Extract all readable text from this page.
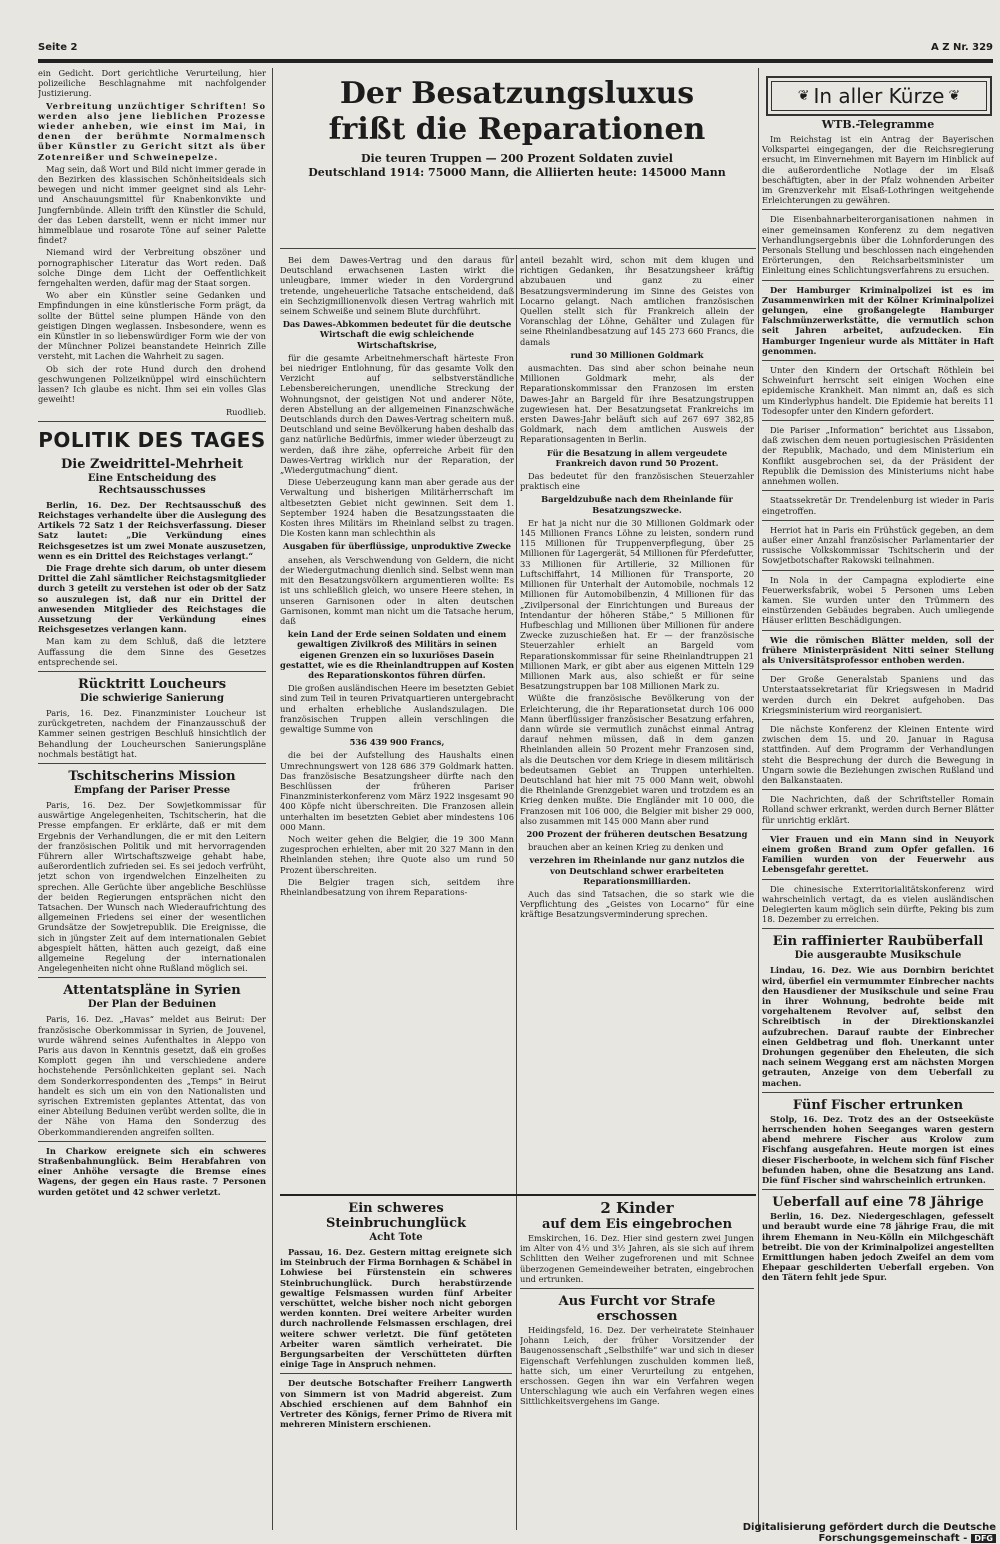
Seite 2	A Z Nr. 329

ein Gedicht. Dort gerichtliche Verurteilung, hier polizeiliche Beschlagnahme mit nachfolgender Justizierung.

Verbreitung unzüchtiger Schriften! So werden also jene lieblichen Prozesse wieder anheben, wie einst im Mai, in denen der berühmte Normalmensch über Künstler zu Gericht sitzt als über Zotenreißer und Schweinepelze.

Mag sein, daß Wort und Bild nicht immer gerade in den Bezirken des klassischen Schönheitsideals sich bewegen und nicht immer geeignet sind als Lehr- und Anschauungsmittel für Knabenkonvikte und Jungfernbünde. Allein trifft den Künstler die Schuld, der das Leben darstellt, wenn er nicht immer nur himmelblaue und rosarote Töne auf seiner Palette findet?

Niemand wird der Verbreitung obszöner und pornographischer Literatur das Wort reden. Daß solche Dinge dem Licht der Oeffentlichkeit ferngehalten werden, dafür mag der Staat sorgen.

Wo aber ein Künstler seine Gedanken und Empfindungen in eine künstlerische Form prägt, da sollte der Büttel seine plumpen Hände von den geistigen Dingen weglassen. Insbesondere, wenn es ein Künstler in so liebenswürdiger Form wie der von der Münchner Polizei beanstandete Heinrich Zille versteht, mit Lachen die Wahrheit zu sagen.

Ob sich der rote Hund durch den drohend geschwungenen Polizeiknüppel wird einschüchtern lassen? Ich glaube es nicht. Ihm sei ein volles Glas geweiht!

Ruodlieb.
POLITIK DES TAGES
Die Zweidrittel-Mehrheit
Eine Entscheidung des Rechtsausschusses

Berlin, 16. Dez. Der Rechtsausschuß des Reichstages verhandelte über die Auslegung des Artikels 72 Satz 1 der Reichsverfassung. Dieser Satz lautet: „Die Verkündung eines Reichsgesetzes ist um zwei Monate auszusetzen, wenn es ein Drittel des Reichstages verlangt.“

Die Frage drehte sich darum, ob unter diesem Drittel die Zahl sämtlicher Reichstagsmitglieder durch 3 geteilt zu verstehen ist oder ob der Satz so auszulegen ist, daß nur ein Drittel der anwesenden Mitglieder des Reichstages die Aussetzung der Verkündung eines Reichsgesetzes verlangen kann.

Man kam zu dem Schluß, daß die letztere Auffassung die dem Sinne des Gesetzes entsprechende sei.

Rücktritt Loucheurs
Die schwierige Sanierung

Paris, 16. Dez. Finanzminister Loucheur ist zurückgetreten, nachdem der Finanzausschuß der Kammer seinen gestrigen Beschluß hinsichtlich der Behandlung der Loucheurschen Sanierungspläne nochmals bestätigt hat.

Tschitscherins Mission
Empfang der Pariser Presse

Paris, 16. Dez. Der Sowjetkommissar für auswärtige Angelegenheiten, Tschitscherin, hat die Presse empfangen. Er erklärte, daß er mit dem Ergebnis der Verhandlungen, die er mit den Leitern der französischen Politik und mit hervorragenden Führern aller Wirtschaftszweige gehabt habe, außerordentlich zufrieden sei. Es sei jedoch verfrüht, jetzt schon von irgendwelchen Einzelheiten zu sprechen. Alle Gerüchte über angebliche Beschlüsse der beiden Regierungen entsprächen nicht den Tatsachen. Der Wunsch nach Wiederaufrichtung des allgemeinen Friedens sei einer der wesentlichen Grundsätze der Sowjetrepublik. Die Ereignisse, die sich in jüngster Zeit auf dem internationalen Gebiet abgespielt hätten, hätten auch gezeigt, daß eine allgemeine Regelung der internationalen Angelegenheiten nicht ohne Rußland möglich sei.

Attentatspläne in Syrien
Der Plan der Beduinen

Paris, 16. Dez. „Havas“ meldet aus Beirut: Der französische Oberkommissar in Syrien, de Jouvenel, wurde während seines Aufenthaltes in Aleppo von Paris aus davon in Kenntnis gesetzt, daß ein großes Komplott gegen ihn und verschiedene andere hochstehende Persönlichkeiten geplant sei. Nach dem Sonderkorrespondenten des „Temps“ in Beirut handelt es sich um ein von den Nationalisten und syrischen Extremisten geplantes Attentat, das von einer Abteilung Beduinen verübt werden sollte, die in der Nähe von Hama den Sonderzug des Oberkommandierenden angreifen sollten.

In Charkow ereignete sich ein schweres Straßenbahnunglück. Beim Herabfahren von einer Anhöhe versagte die Bremse eines Wagens, der gegen ein Haus raste. 7 Personen wurden getötet und 42 schwer verletzt.

Der Besatzungsluxus
frißt die Reparationen
Die teuren Truppen — 200 Prozent Soldaten zuviel
Deutschland 1914: 75000 Mann, die Alliierten heute: 145000 Mann

Bei dem Dawes-Vertrag und den daraus für Deutschland erwachsenen Lasten wirkt die unleugbare, immer wieder in den Vordergrund tretende, ungeheuerliche Tatsache entscheidend, daß ein Sechzigmillionenvolk diesen Vertrag wahrlich mit seinem Schweiße und seinem Blute durchführt.

Das Dawes-Abkommen bedeutet für die deutsche Wirtschaft die ewig schleichende Wirtschaftskrise,

für die gesamte Arbeitnehmerschaft härteste Fron bei niedriger Entlohnung, für das gesamte Volk den Verzicht auf selbstverständliche Lebensbereicherungen, unendliche Streckung der Wohnungsnot, der geistigen Not und anderer Nöte, deren Abstellung an der allgemeinen Finanzschwäche Deutschlands durch den Dawes-Vertrag scheitern muß. Deutschland und seine Bevölkerung haben deshalb das ganz natürliche Bedürfnis, immer wieder überzeugt zu werden, daß ihre zähe, opferreiche Arbeit für den Dawes-Vertrag wirklich nur der Reparation, der „Wiedergutmachung“ dient.

Diese Ueberzeugung kann man aber gerade aus der Verwaltung und bisherigen Militärherrschaft im altbesetzten Gebiet nicht gewinnen. Seit dem 1. September 1924 haben die Besatzungsstaaten die Kosten ihres Militärs im Rheinland selbst zu tragen. Die Kosten kann man schlechthin als

Ausgaben für überflüssige, unproduktive Zwecke

ansehen, als Verschwendung von Geldern, die nicht der Wiedergutmachung dienlich sind. Selbst wenn man mit den Besatzungsvölkern argumentieren wollte: Es ist uns schließlich gleich, wo unsere Heere stehen, in unseren Garnisonen oder in alten deutschen Garnisonen, kommt man nicht um die Tatsache herum, daß

kein Land der Erde seinen Soldaten und einem gewaltigen Zivilkroß des Militärs in seinen eigenen Grenzen ein so luxuriöses Dasein gestattet, wie es die Rheinlandtruppen auf Kosten des Reparationskontos führen dürfen.

Die großen ausländischen Heere im besetzten Gebiet sind zum Teil in teuren Privatquartieren untergebracht und erhalten erhebliche Auslandszulagen. Die französischen Truppen allein verschlingen die gewaltige Summe von

536 439 900 Francs,

die bei der Aufstellung des Haushalts einen Umrechnungswert von 128 686 379 Goldmark hatten. Das französische Besatzungsheer dürfte nach den Beschlüssen der früheren Pariser Finanzministerkonferenz vom März 1922 insgesamt 90 400 Köpfe nicht überschreiten. Die Franzosen allein unterhalten im besetzten Gebiet aber mindestens 106 000 Mann.

Noch weiter gehen die Belgier, die 19 300 Mann zugesprochen erhielten, aber mit 20 327 Mann in den Rheinlanden stehen; ihre Quote also um rund 50 Prozent überschreiten.

Die Belgier tragen sich, seitdem ihre Rheinlandbesatzung von ihrem Reparations-

anteil bezahlt wird, schon mit dem klugen und richtigen Gedanken, ihr Besatzungsheer kräftig abzubauen und ganz zu einer Besatzungsverminderung im Sinne des Geistes von Locarno gelangt. Nach amtlichen französischen Quellen stellt sich für Frankreich allein der Voranschlag der Löhne, Gehälter und Zulagen für seine Rheinlandbesatzung auf 145 273 660 Francs, die damals

rund 30 Millionen Goldmark

ausmachten. Das sind aber schon beinahe neun Millionen Goldmark mehr, als der Reparationskommissar den Franzosen im ersten Dawes-Jahr an Bargeld für ihre Besatzungstruppen zugewiesen hat. Der Besatzungsetat Frankreichs im ersten Dawes-Jahr beläuft sich auf 267 697 382,85 Goldmark, nach dem amtlichen Ausweis der Reparationsagenten in Berlin.

Für die Besatzung in allem vergeudete Frankreich davon rund 50 Prozent.

Das bedeutet für den französischen Steuerzahler praktisch eine

Bargeldzubuße nach dem Rheinlande für Besatzungszwecke.

Er hat ja nicht nur die 30 Millionen Goldmark oder 145 Millionen Francs Löhne zu leisten, sondern rund 115 Millionen für Truppenverpflegung, über 25 Millionen für Lagergerät, 54 Millionen für Pferdefutter, 33 Millionen für Artillerie, 32 Millionen für Luftschiffahrt, 14 Millionen für Transporte, 20 Millionen für Unterhalt der Automobile, nochmals 12 Millionen für Automobilbenzin, 4 Millionen für das „Zivilpersonal der Einrichtungen und Bureaus der Intendantur der höheren Stäbe,“ 5 Millionen für Hufbeschlag und Millionen über Millionen für andere Zwecke zuzuschießen hat. Er — der französische Steuerzahler erhielt an Bargeld vom Reparationskommissar für seine Rheinlandtruppen 21 Millionen Mark, er gibt aber aus eigenen Mitteln 129 Millionen Mark aus, also schießt er für seine Besatzungstruppen bar 108 Millionen Mark zu.

Wüßte die französische Bevölkerung von der Erleichterung, die ihr Reparationsetat durch 106 000 Mann überflüssiger französischer Besatzung erfahren, dann würde sie vermutlich zunächst einmal Antrag darauf nehmen müssen, daß in dem ganzen Rheinlanden allein 50 Prozent mehr Franzosen sind, als die Deutschen vor dem Kriege in diesem militärisch bedeutsamen Gebiet an Truppen unterhielten. Deutschland hat hier mit 75 000 Mann weit, obwohl die Rheinlande Grenzgebiet waren und trotzdem es an Krieg denken mußte. Die Engländer mit 10 000, die Franzosen mit 106 000, die Belgier mit bisher 29 000, also zusammen mit 145 000 Mann aber rund

200 Prozent der früheren deutschen Besatzung

brauchen aber an keinen Krieg zu denken und

verzehren im Rheinlande nur ganz nutzlos die von Deutschland schwer erarbeiteten Reparationsmilliarden.

Auch das sind Tatsachen, die so stark wie die Verpflichtung des „Geistes von Locarno“ für eine kräftige Besatzungsverminderung sprechen.

Ein schweres Steinbruchunglück
Acht Tote

Passau, 16. Dez. Gestern mittag ereignete sich im Steinbruch der Firma Bornhagen & Schäbel in Lohwiese bei Fürstenstein ein schweres Steinbruchunglück. Durch herabstürzende gewaltige Felsmassen wurden fünf Arbeiter verschüttet, welche bisher noch nicht geborgen werden konnten. Drei weitere Arbeiter wurden durch nachrollende Felsmassen erschlagen, drei weitere schwer verletzt. Die fünf getöteten Arbeiter waren sämtlich verheiratet. Die Bergungsarbeiten der Verschütteten dürften einige Tage in Anspruch nehmen.

Der deutsche Botschafter Freiherr Langwerth von Simmern ist von Madrid abgereist. Zum Abschied erschienen auf dem Bahnhof ein Vertreter des Königs, ferner Primo de Rivera mit mehreren Ministern erschienen.

2 Kinder
auf dem Eis eingebrochen

Emskirchen, 16. Dez. Hier sind gestern zwei Jungen im Alter von 4½ und 3½ Jahren, als sie sich auf ihrem Schlitten den Weiher zugefrorenen und mit Schnee überzogenen Gemeindeweiher betraten, eingebrochen und ertrunken.

Aus Furcht vor Strafe erschossen

Heidingsfeld, 16. Dez. Der verheiratete Steinhauer Johann Leich, der früher Vorsitzender der Baugenossenschaft „Selbsthilfe“ war und sich in dieser Eigenschaft Verfehlungen zuschulden kommen ließ, hatte sich, um einer Verurteilung zu entgehen, erschossen. Gegen ihn war ein Verfahren wegen Unterschlagung wie auch ein Verfahren wegen eines Sittlichkeitsvergehens im Gange.

❦ In aller Kürze ❦
WTB.-Telegramme

Im Reichstag ist ein Antrag der Bayerischen Volkspartei eingegangen, der die Reichsregierung ersucht, im Einvernehmen mit Bayern im Hinblick auf die außerordentliche Notlage der im Elsaß beschäftigten, aber in der Pfalz wohnenden Arbeiter im Grenzverkehr mit Elsaß-Lothringen weitgehende Erleichterungen zu gewähren.

Die Eisenbahnarbeiterorganisationen nahmen in einer gemeinsamen Konferenz zu dem negativen Verhandlungsergebnis über die Lohnforderungen des Personals Stellung und beschlossen nach eingehenden Erörterungen, den Reichsarbeitsminister um Einleitung eines Schlichtungsverfahrens zu ersuchen.

Der Hamburger Kriminalpolizei ist es im Zusammenwirken mit der Kölner Kriminalpolizei gelungen, eine großangelegte Hamburger Falschmünzerwerkstätte, die vermutlich schon seit Jahren arbeitet, aufzudecken. Ein Hamburger Ingenieur wurde als Mittäter in Haft genommen.

Unter den Kindern der Ortschaft Röthlein bei Schweinfurt herrscht seit einigen Wochen eine epidemische Krankheit. Man nimmt an, daß es sich um Kinderlyphus handelt. Die Epidemie hat bereits 11 Todesopfer unter den Kindern gefordert.

Die Pariser „Information“ berichtet aus Lissabon, daß zwischen dem neuen portugiesischen Präsidenten der Republik, Machado, und dem Ministerium ein Konflikt ausgebrochen sei, da der Präsident der Republik die Demission des Ministeriums nicht habe annehmen wollen.

Staatssekretär Dr. Trendelenburg ist wieder in Paris eingetroffen.

Herriot hat in Paris ein Frühstück gegeben, an dem außer einer Anzahl französischer Parlamentarier der russische Volkskommissar Tschitscherin und der Sowjetbotschafter Rakowski teilnahmen.

In Nola in der Campagna explodierte eine Feuerwerksfabrik, wobei 5 Personen ums Leben kamen. Sie wurden unter den Trümmern des einstürzenden Gebäudes begraben. Auch umliegende Häuser erlitten Beschädigungen.

Wie die römischen Blätter melden, soll der frühere Ministerpräsident Nitti seiner Stellung als Universitätsprofessor enthoben werden.

Der Große Generalstab Spaniens und das Unterstaatssekretariat für Kriegswesen in Madrid werden durch ein Dekret aufgehoben. Das Kriegsministerium wird reorganisiert.

Die nächste Konferenz der Kleinen Entente wird zwischen dem 15. und 20. Januar in Ragusa stattfinden. Auf dem Programm der Verhandlungen steht die Besprechung der durch die Bewegung in Ungarn sowie die Beziehungen zwischen Rußland und den Balkanstaaten.

Die Nachrichten, daß der Schriftsteller Romain Rolland schwer erkrankt, werden durch Berner Blätter für unrichtig erklärt.

Vier Frauen und ein Mann sind in Neuyork einem großen Brand zum Opfer gefallen. 16 Familien wurden von der Feuerwehr aus Lebensgefahr gerettet.

Die chinesische Exterritorialitätskonferenz wird wahrscheinlich vertagt, da es vielen ausländischen Delegierten kaum möglich sein dürfte, Peking bis zum 18. Dezember zu erreichen.

Ein raffinierter Raubüberfall
Die ausgeraubte Musikschule

Lindau, 16. Dez. Wie aus Dornbirn berichtet wird, überfiel ein vermummter Einbrecher nachts den Hausdiener der Musikschule und seine Frau in ihrer Wohnung, bedrohte beide mit vorgehaltenem Revolver auf, selbst den Schreibtisch in der Direktionskanzlei aufzubrechen. Darauf raubte der Einbrecher einen Geldbetrag und floh. Unerkannt unter Drohungen gegenüber den Eheleuten, die sich nach seinem Weggang erst am nächsten Morgen getrauten, Anzeige von dem Ueberfall zu machen.

Fünf Fischer ertrunken

Stolp, 16. Dez. Trotz des an der Ostseeküste herrschenden hohen Seeganges waren gestern abend mehrere Fischer aus Krolow zum Fischfang ausgefahren. Heute morgen ist eines dieser Fischerboote, in welchem sich fünf Fischer befunden haben, ohne die Besatzung ans Land. Die fünf Fischer sind wahrscheinlich ertrunken.

Ueberfall auf eine 78 Jährige

Berlin, 16. Dez. Niedergeschlagen, gefesselt und beraubt wurde eine 78 jährige Frau, die mit ihrem Ehemann in Neu-Kölln ein Milchgeschäft betreibt. Die von der Kriminalpolizei angestellten Ermittlungen haben jedoch Zweifel an dem vom Ehepaar geschilderten Ueberfall ergeben. Von den Tätern fehlt jede Spur.

Digitalisierung gefördert durch die Deutsche Forschungsgemeinschaft - DFG
